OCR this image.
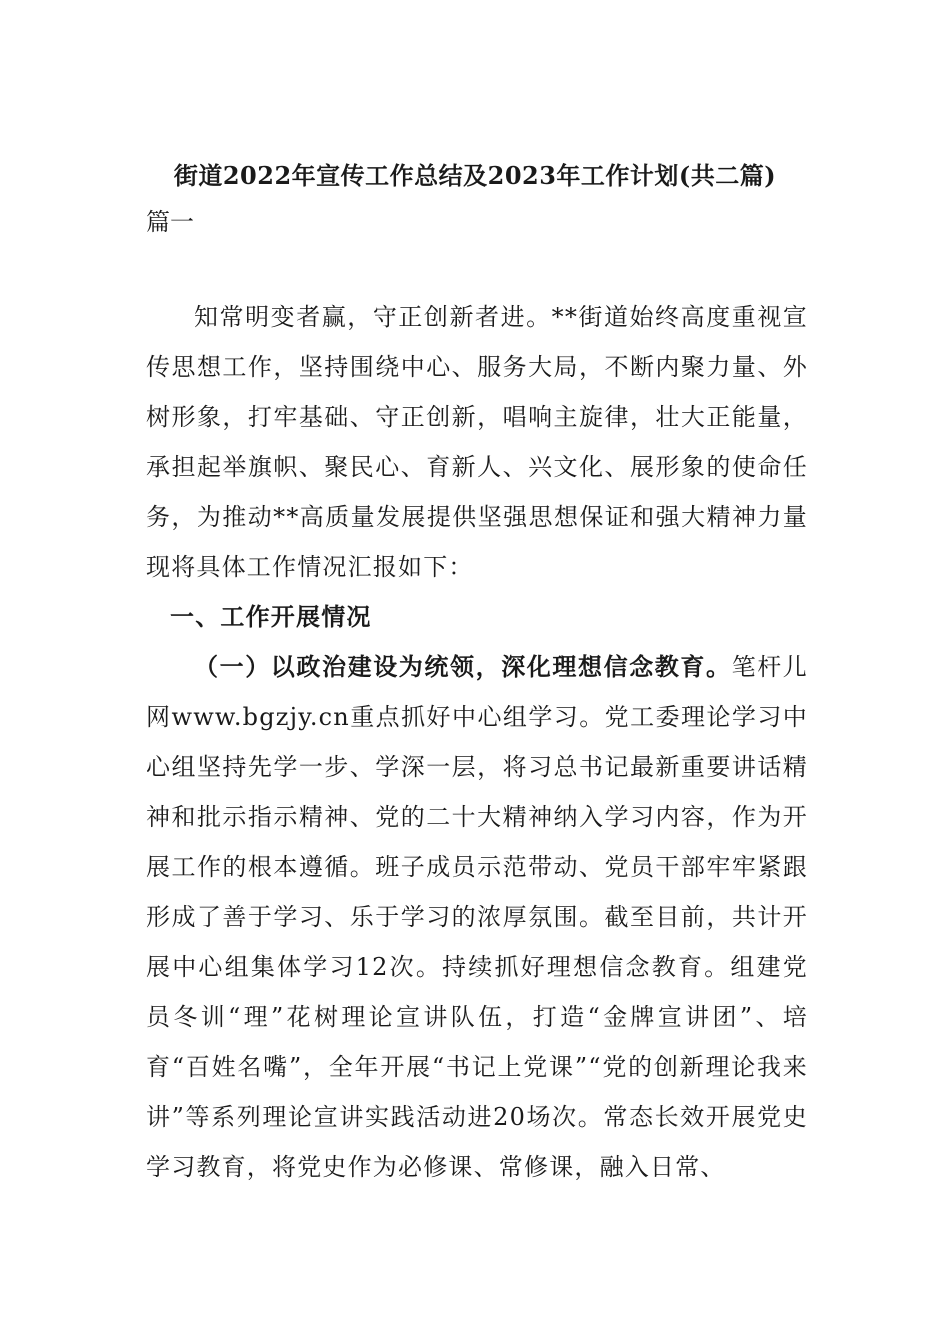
街道2022年宣传工作总结及2023年工作计划(共二篇)
篇一

知常明变者赢，守正创新者进。**街道始终高度重视宣传思想工作，坚持围绕中心、服务大局，不断内聚力量、外树形象，打牢基础、守正创新，唱响主旋律，壮大正能量，承担起举旗帜、聚民心、育新人、兴文化、展形象的使命任务，为推动**高质量发展提供坚强思想保证和强大精神力量现将具体工作情况汇报如下：

一、工作开展情况

（一）以政治建设为统领，深化理想信念教育。笔杆儿网www.bgzjy.cn重点抓好中心组学习。党工委理论学习中心组坚持先学一步、学深一层，将习总书记最新重要讲话精神和批示指示精神、党的二十大精神纳入学习内容，作为开展工作的根本遵循。班子成员示范带动、党员干部牢牢紧跟形成了善于学习、乐于学习的浓厚氛围。截至目前，共计开展中心组集体学习12次。持续抓好理想信念教育。组建党员冬训“理”花树理论宣讲队伍，打造“金牌宣讲团”、培育“百姓名嘴”，全年开展“书记上党课”“党的创新理论我来讲”等系列理论宣讲实践活动进20场次。常态长效开展党史学习教育，将党史作为必修课、常修课，融入日常、
